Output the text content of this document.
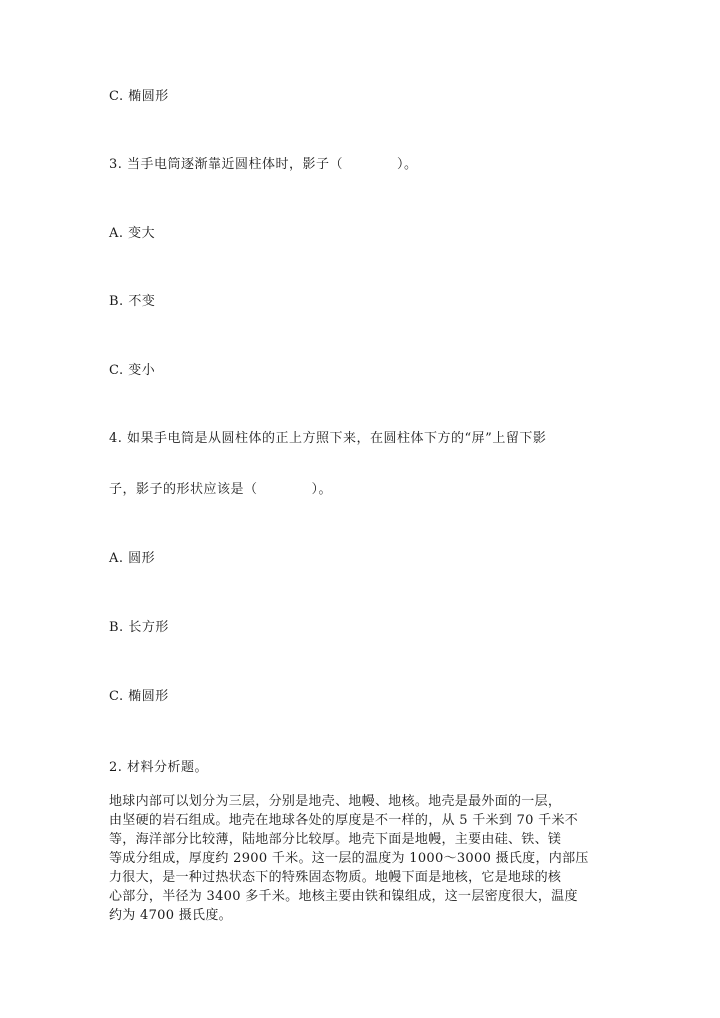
C. 椭圆形
3. 当手电筒逐渐靠近圆柱体时，影子（　　　　）。
A. 变大
B. 不变
C. 变小
4. 如果手电筒是从圆柱体的正上方照下来，在圆柱体下方的“屏”上留下影
子，影子的形状应该是（　　　　）。
A. 圆形
B. 长方形
C. 椭圆形
2. 材料分析题。
地球内部可以划分为三层，分别是地壳、地幔、地核。地壳是最外面的一层，
由坚硬的岩石组成。地壳在地球各处的厚度是不一样的，从 5 千米到 70 千米不
等，海洋部分比较薄，陆地部分比较厚。地壳下面是地幔，主要由硅、铁、镁
等成分组成，厚度约 2900 千米。这一层的温度为 1000～3000 摄氏度，内部压
力很大，是一种过热状态下的特殊固态物质。地幔下面是地核，它是地球的核
心部分，半径为 3400 多千米。地核主要由铁和镍组成，这一层密度很大，温度
约为 4700 摄氏度。
